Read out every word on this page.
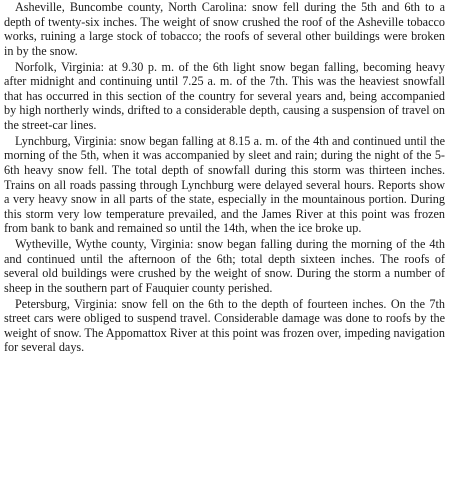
Asheville, Buncombe county, North Carolina: snow fell during the 5th and 6th to a depth of twenty-six inches. The weight of snow crushed the roof of the Asheville tobacco works, ruining a large stock of tobacco; the roofs of several other buildings were broken in by the snow.

Norfolk, Virginia: at 9.30 p. m. of the 6th light snow began falling, becoming heavy after midnight and continuing until 7.25 a. m. of the 7th. This was the heaviest snowfall that has occurred in this section of the country for several years and, being accompanied by high northerly winds, drifted to a considerable depth, causing a suspension of travel on the street-car lines.

Lynchburg, Virginia: snow began falling at 8.15 a. m. of the 4th and continued until the morning of the 5th, when it was accompanied by sleet and rain; during the night of the 5-6th heavy snow fell. The total depth of snowfall during this storm was thirteen inches. Trains on all roads passing through Lynchburg were delayed several hours. Reports show a very heavy snow in all parts of the state, especially in the mountainous portion. During this storm very low temperature prevailed, and the James River at this point was frozen from bank to bank and remained so until the 14th, when the ice broke up.

Wytheville, Wythe county, Virginia: snow began falling during the morning of the 4th and continued until the afternoon of the 6th; total depth sixteen inches. The roofs of several old buildings were crushed by the weight of snow. During the storm a number of sheep in the southern part of Fauquier county perished.

Petersburg, Virginia: snow fell on the 6th to the depth of fourteen inches. On the 7th street cars were obliged to suspend travel. Considerable damage was done to roofs by the weight of snow. The Appomattox River at this point was frozen over, impeding navigation for several days.
